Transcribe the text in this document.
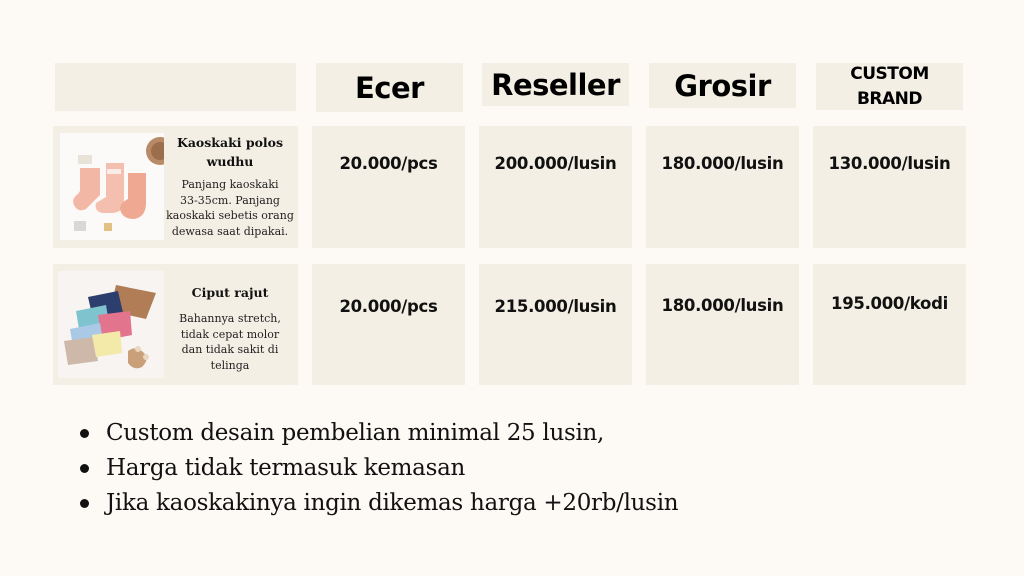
Ecer	Reseller	Grosir	CUSTOM
BRAND
Kaoskaki polos
wudhu
Panjang kaoskaki
33-35cm. Panjang
kaoskaki sebetis orang
dewasa saat dipakai.
20.000/pcs	200.000/lusin	180.000/lusin	130.000/lusin
Ciput rajut
Bahannya stretch,
tidak cepat molor
dan tidak sakit di
telinga
20.000/pcs	215.000/lusin	180.000/lusin	195.000/kodi
Custom desain pembelian minimal 25 lusin,
Harga tidak termasuk kemasan
Jika kaoskakinya ingin dikemas harga +20rb/lusin
